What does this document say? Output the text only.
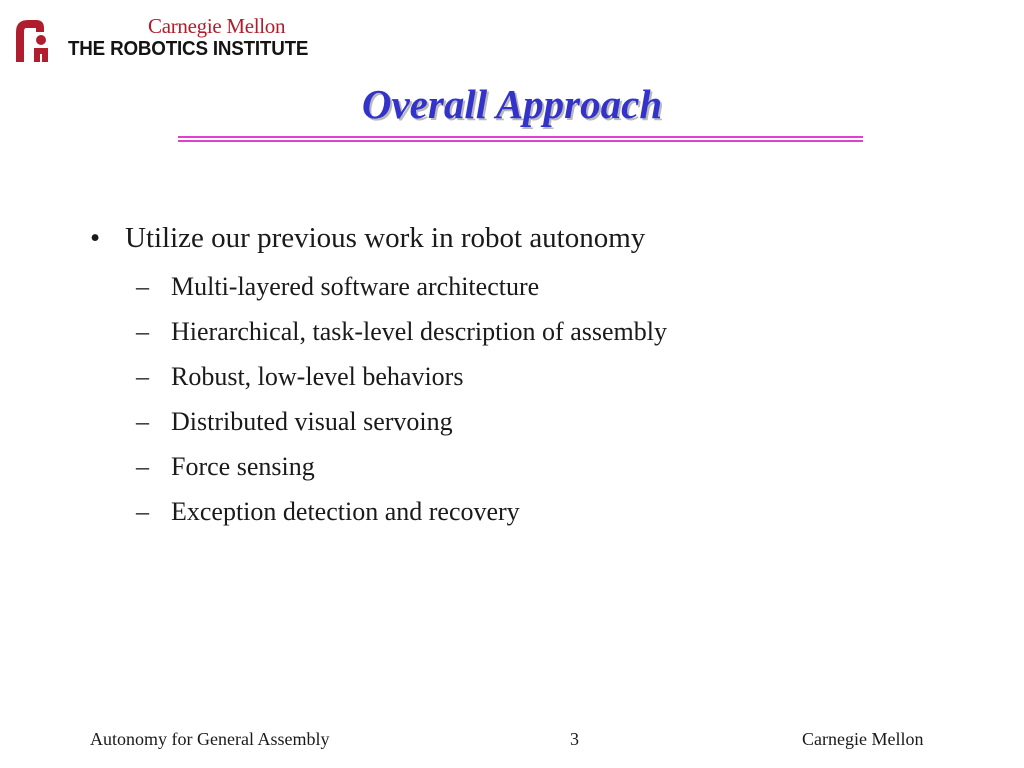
Carnegie Mellon
THE ROBOTICS INSTITUTE
Overall Approach
• Utilize our previous work in robot autonomy
– Multi-layered software architecture
– Hierarchical, task-level description of assembly
– Robust, low-level behaviors
– Distributed visual servoing
– Force sensing
– Exception detection and recovery
Autonomy for General Assembly	3	Carnegie Mellon
